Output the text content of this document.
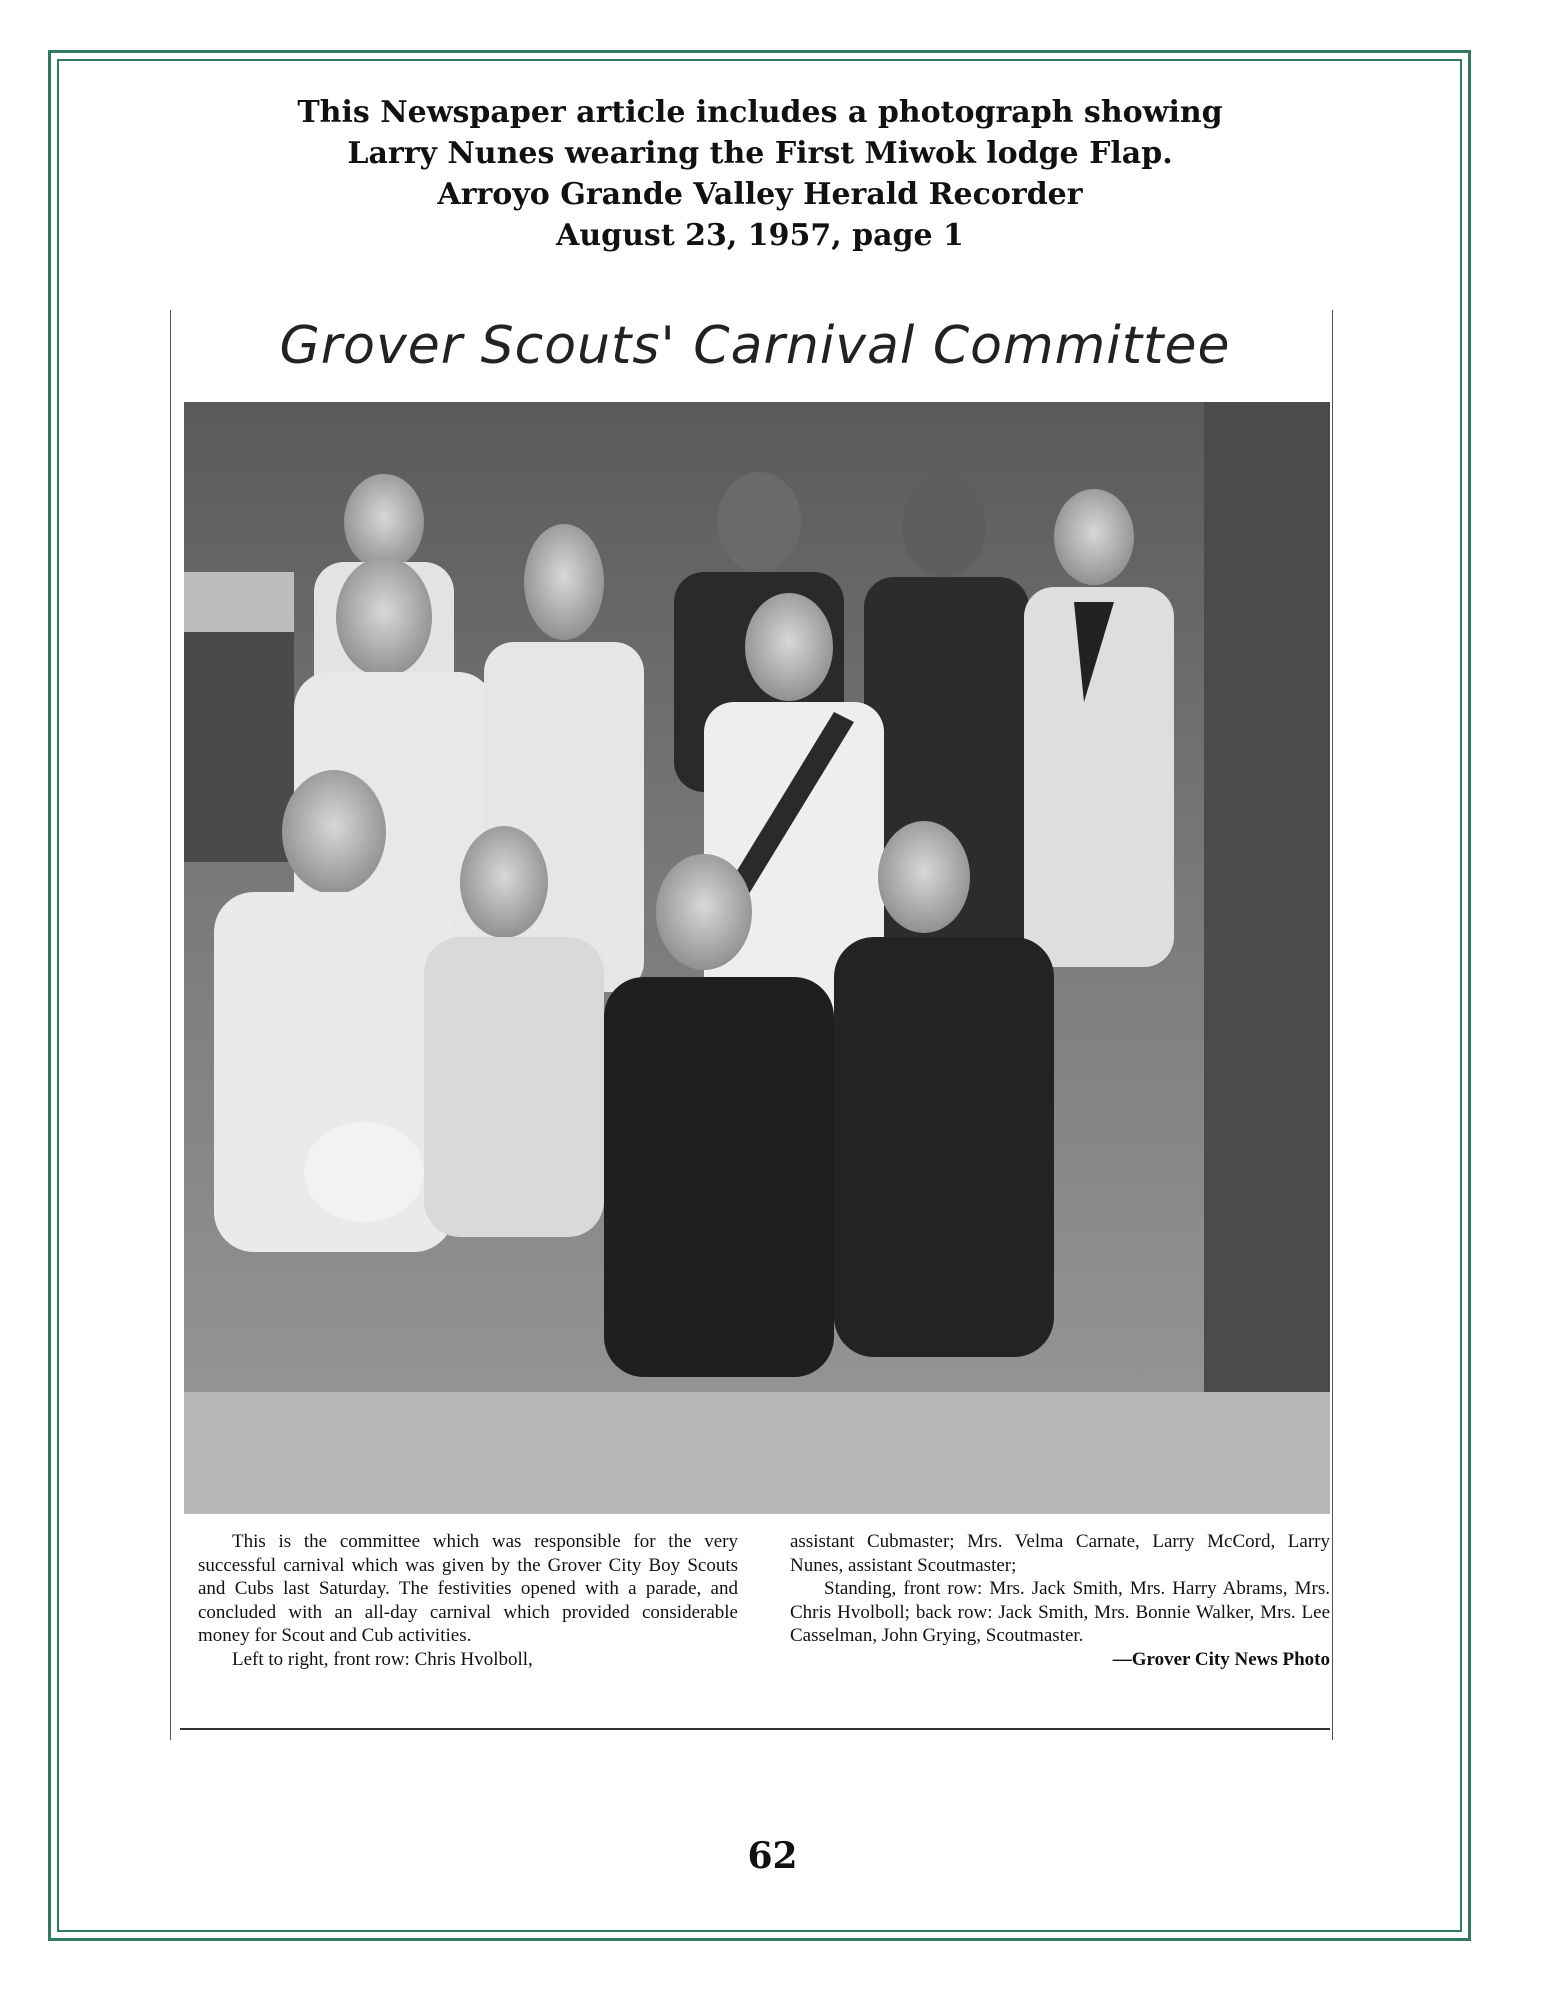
This Newspaper article includes a photograph showing
Larry Nunes wearing the First Miwok lodge Flap.
Arroyo Grande Valley Herald Recorder
August 23, 1957, page 1
Grover Scouts' Carnival Committee

This is the committee which was responsible for the very successful carnival which was given by the Grover City Boy Scouts and Cubs last Saturday. The festivities opened with a parade, and concluded with an all-day carnival which provided considerable money for Scout and Cub activities.

Left to right, front row: Chris Hvolboll,

assistant Cubmaster; Mrs. Velma Carnate, Larry McCord, Larry Nunes, assistant Scoutmaster;

Standing, front row: Mrs. Jack Smith, Mrs. Harry Abrams, Mrs. Chris Hvolboll; back row: Jack Smith, Mrs. Bonnie Walker, Mrs. Lee Casselman, John Grying, Scoutmaster.

—Grover City News Photo

62
